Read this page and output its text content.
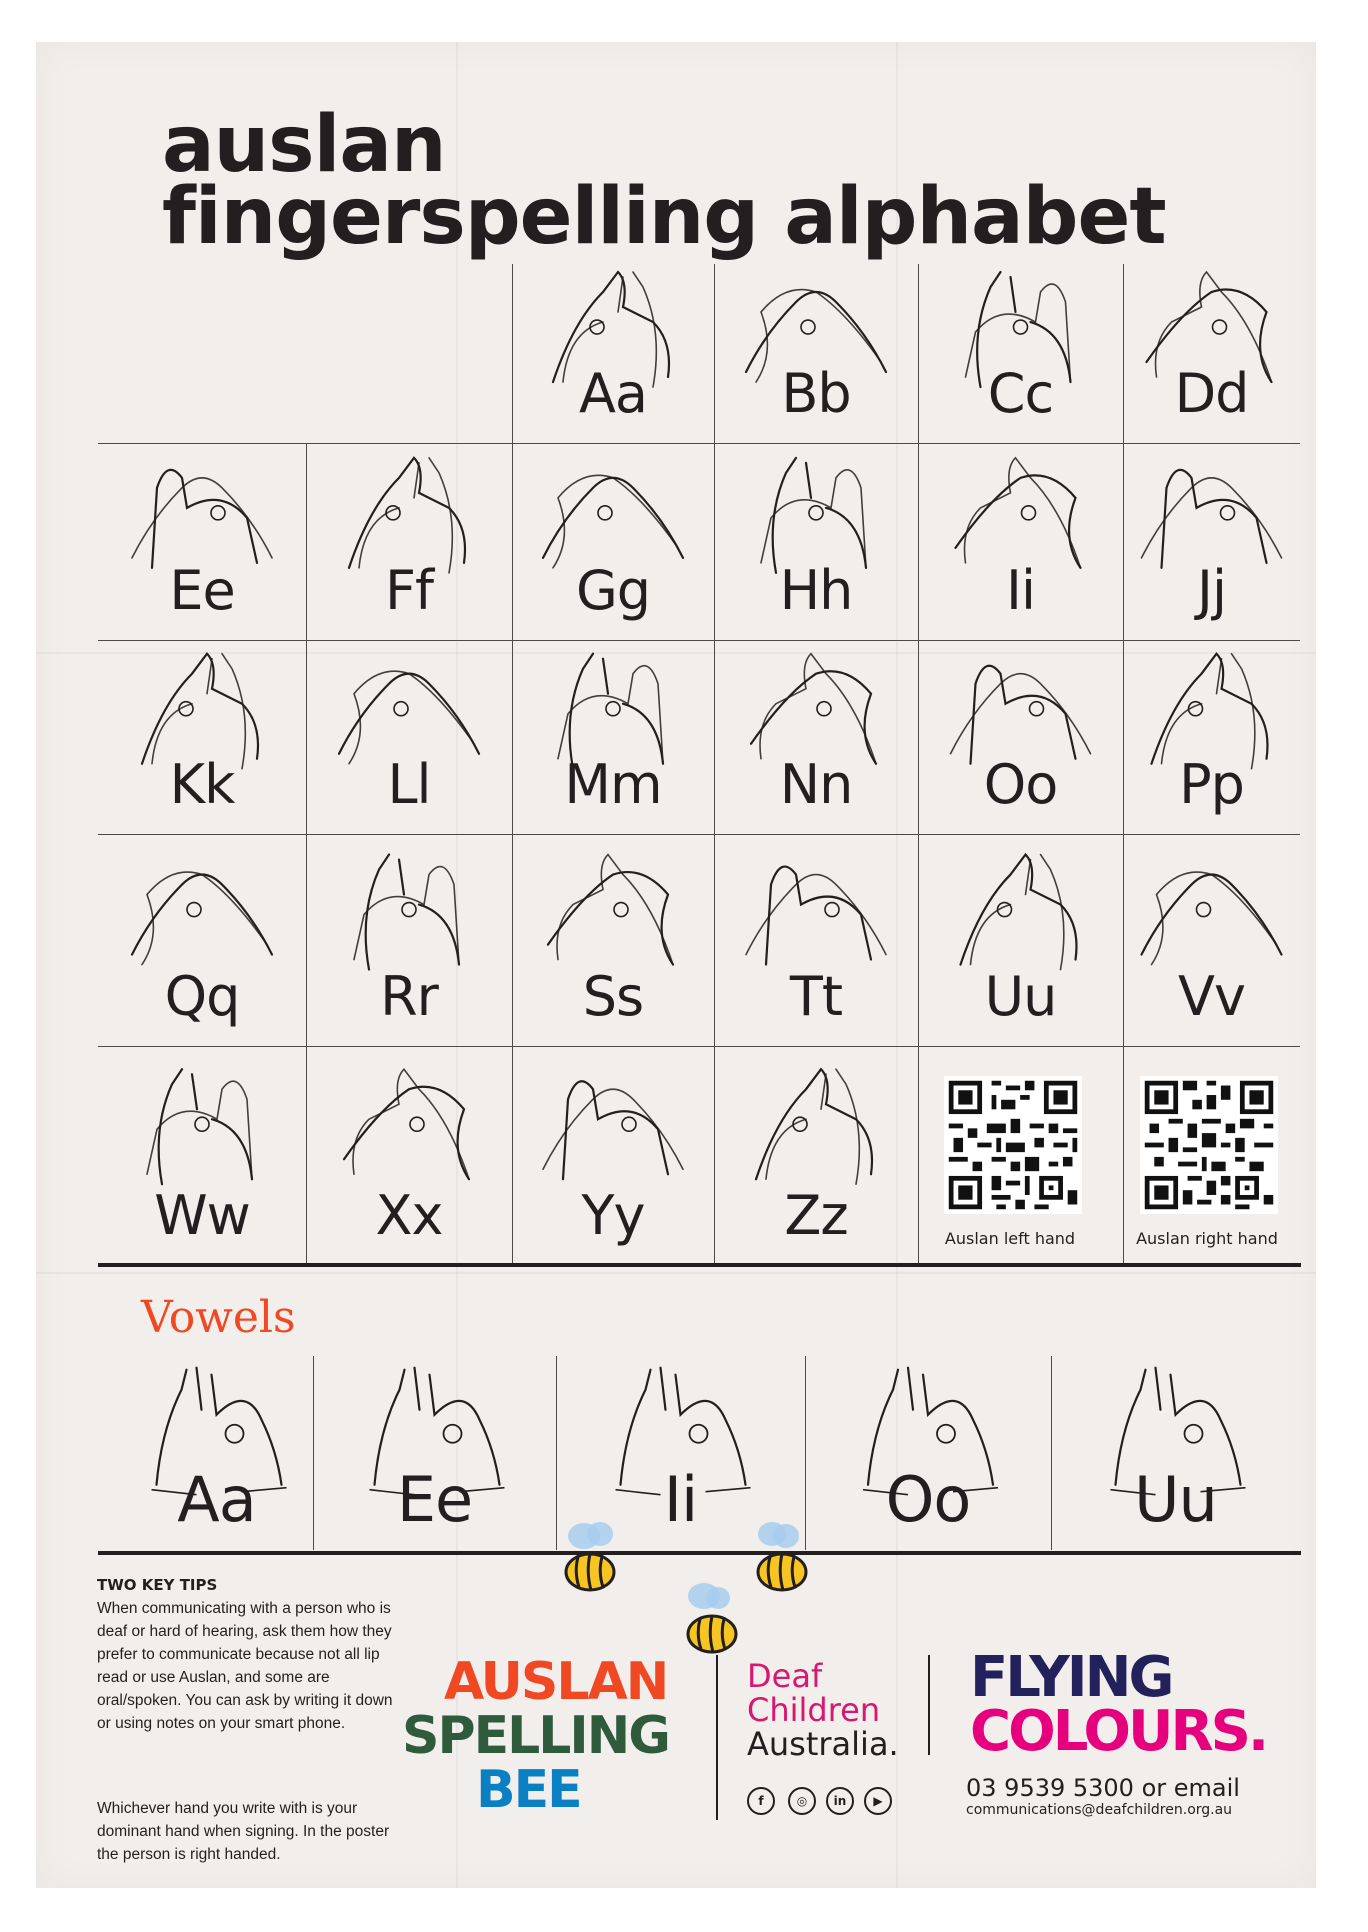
auslan
fingerspelling alphabet
Aa	Bb	Cc	Dd
Ee	Ff	Gg	Hh	Ii	Jj
Kk	Ll	Mm	Nn	Oo	Pp
Qq	Rr	Ss	Tt	Uu	Vv
Ww	Xx	Yy	Zz	Auslan left hand	Auslan right hand
Vowels
Aa	Ee	Ii	Oo	Uu
TWO KEY TIPS
When communicating with a person who is deaf or hard of hearing, ask them how they prefer to communicate because not all lip read or use Auslan, and some are oral/spoken. You can ask by writing it down or using notes on your smart phone.
Whichever hand you write with is your dominant hand when signing. In the poster the person is right handed.
AUSLAN
SPELLING
BEE
Deaf
Children
Australia.
f	◎	in	▶
FLYING
COLOURS.
03 9539 5300 or email
communications@deafchildren.org.au
